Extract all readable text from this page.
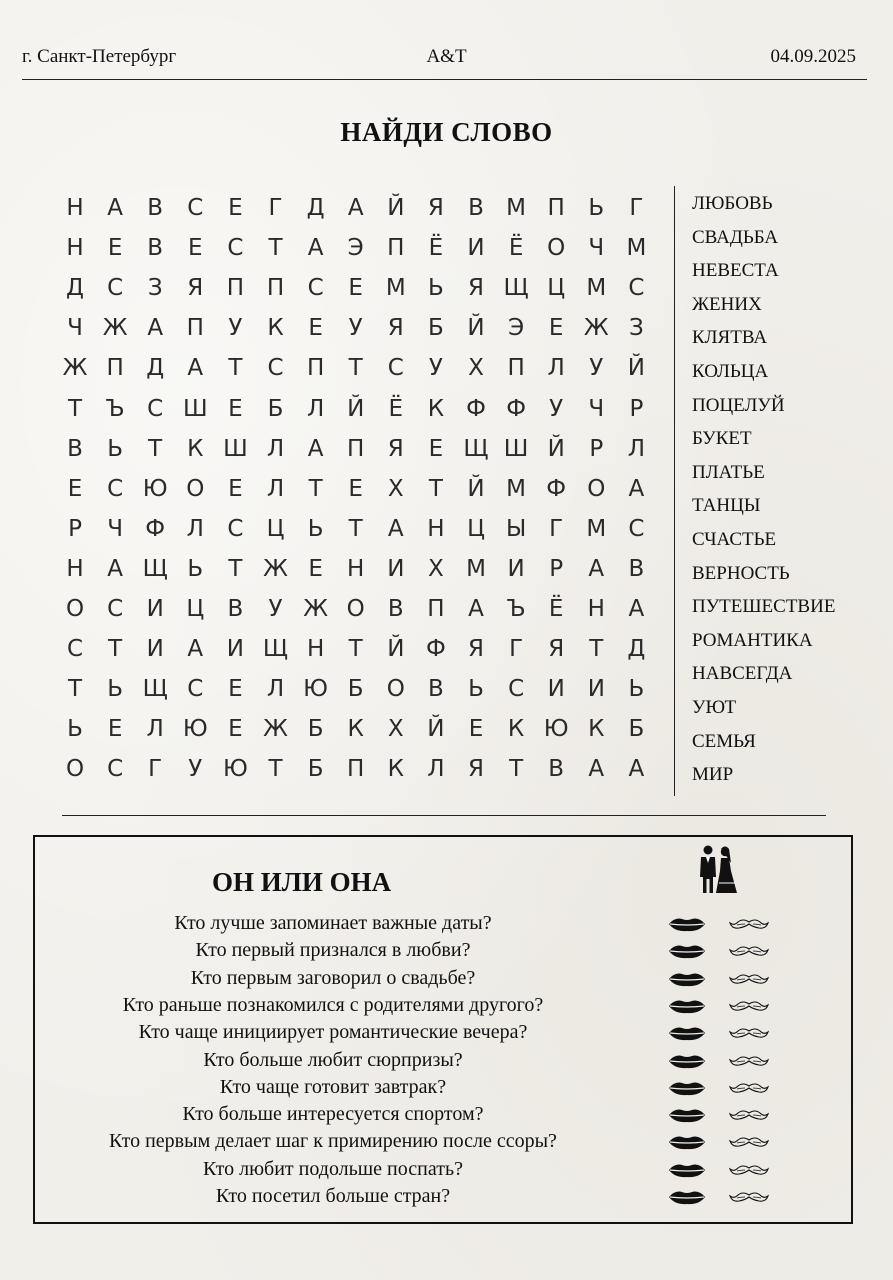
г. Санкт-Петербург	A&T	04.09.2025
НАЙДИ СЛОВО
Н	А	В	С	Е	Г	Д	А	Й	Я	В М П	Ь	Г
Н	Е	В	Е	С	Т	А	Э	П	Ё	И	Ё	О	Ч М
Д	С	З	Я	П П	С	Е М Ь	Я Щ Ц М С
Ч Ж А	П	У	К	Е	У	Я	Б	Й	Э	Е Ж З
Ж П Д	А	Т	С	П	Т	С	У	Х	П Л	У	Й
Т	Ъ С Ш Е	Б	Л Й	Ё	К Ф Ф	У	Ч	Р
В	Ь	Т	К Ш Л	А	П	Я	Е Щ Ш Й	Р	Л
Е	С Ю О	Е	Л	Т	Е	Х	Т	Й М Ф О	А
Р	Ч Ф Л	С	Ц	Ь	Т	А	Н Ц Ы Г	М С
Н	А Щ Ь	Т Ж Е	Н И	Х М И	Р	А	В
О	С	И Ц	В	У Ж О	В	П	А Ъ	Ё	Н	А
С	Т	И	А	И Щ Н	Т	Й Ф Я	Г	Я	Т	Д
Т	Ь Щ С	Е	Л Ю Б	О	В	Ь	С	И И	Ь
Ь	Е	Л Ю Е Ж Б	К	Х	Й	Е	К Ю К	Б
О	С	Г	У Ю Т	Б	П	К	Л	Я	Т	В	А	А
ЛЮБОВЬ
СВАДЬБА
НЕВЕСТА
ЖЕНИХ
КЛЯТВА
КОЛЬЦА
ПОЦЕЛУЙ
БУКЕТ
ПЛАТЬЕ
ТАНЦЫ
СЧАСТЬЕ
ВЕРНОСТЬ
ПУТЕШЕСТВИЕ
РОМАНТИКА
НАВСЕГДА
УЮТ
СЕМЬЯ
МИР
ОН ИЛИ ОНА
Кто лучше запоминает важные даты?
Кто первый признался в любви?
Кто первым заговорил о свадьбе?
Кто раньше познакомился с родителями другого?
Кто чаще инициирует романтические вечера?
Кто больше любит сюрпризы?
Кто чаще готовит завтрак?
Кто больше интересуется спортом?
Кто первым делает шаг к примирению после ссоры?
Кто любит подольше поспать?
Кто посетил больше стран?
